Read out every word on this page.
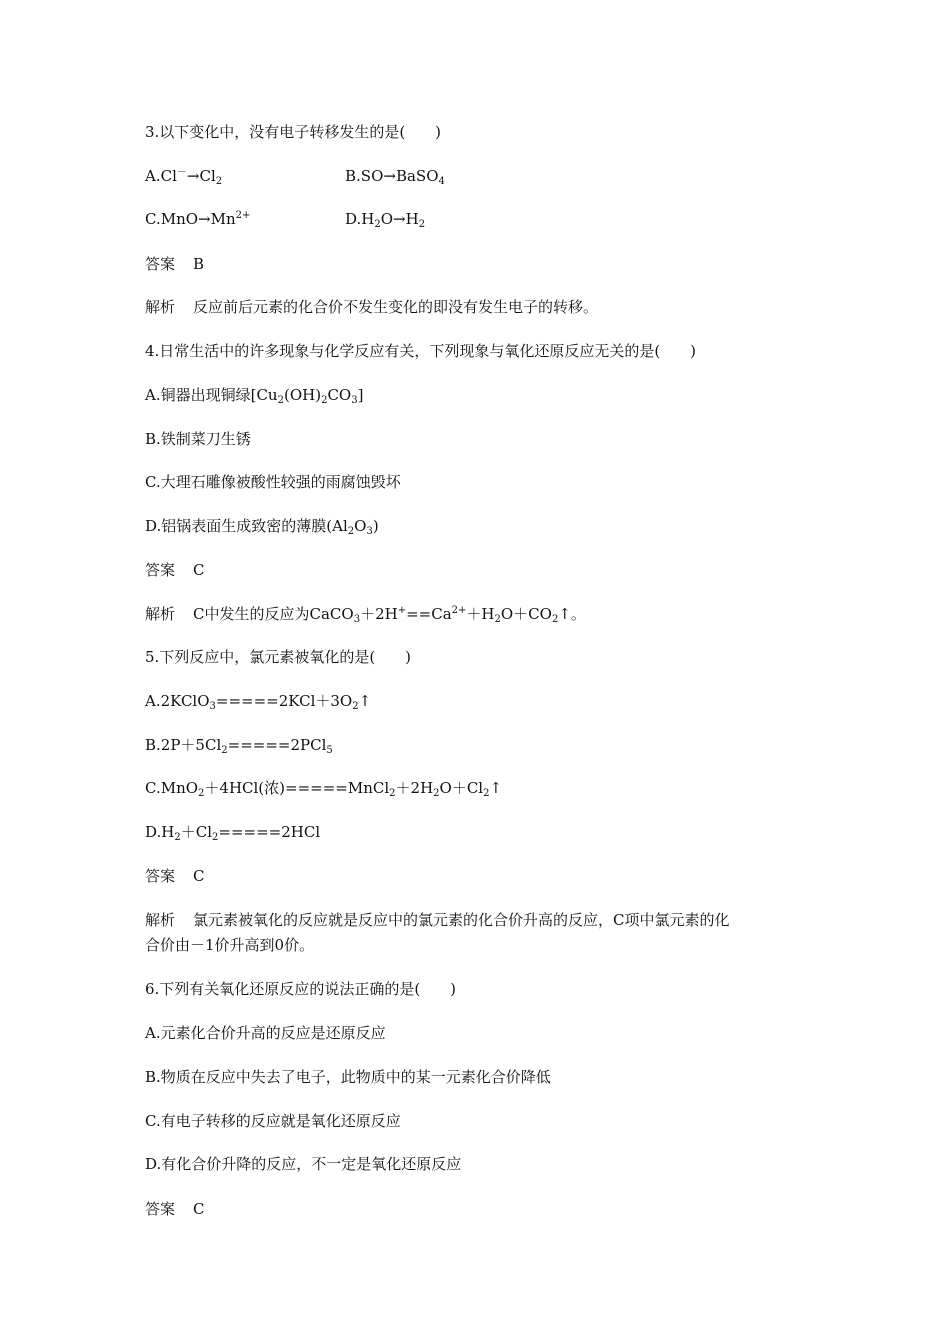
3.以下变化中，没有电子转移发生的是(　　)
$A.Cl^-\to Cl_2$	B.SO→BaSO$_4$
$C.MnO\to Mn^{2+}$	$D.H_2O\to H_2$
答案 B
解析 反应前后元素的化合价不发生变化的即没有发生电子的转移。
4.日常生活中的许多现象与化学反应有关，下列现象与氧化还原反应无关的是(　　)
A.铜器出现铜绿$[Cu_2(OH)_2CO_3]$
B.铁制菜刀生锈
C.大理石雕像被酸性较强的雨腐蚀毁坏
D.铝锅表面生成致密的薄膜$(Al_2O_3)$
答案 C
解析 C中发生的反应为$CaCO_3+2H^+==Ca^{2+}+H_2O+CO_2↑$。
5.下列反应中，氯元素被氧化的是(　　)
$A.2KClO_3=====2KCl+3O_2↑$
$B.2P+5Cl_2=====2PCl_5$
C.MnO$_2$＋4HCl(浓)$=====MnCl_2+2H_2O+Cl_2↑$
$D.H_2+Cl_2=====2HCl$
答案 C
解析 氯元素被氧化的反应就是反应中的氯元素的化合价升高的反应，C项中氯元素的化
合价由－1价升高到0价。
6.下列有关氧化还原反应的说法正确的是(　　)
A.元素化合价升高的反应是还原反应
B.物质在反应中失去了电子，此物质中的某一元素化合价降低
C.有电子转移的反应就是氧化还原反应
D.有化合价升降的反应，不一定是氧化还原反应
答案 C
